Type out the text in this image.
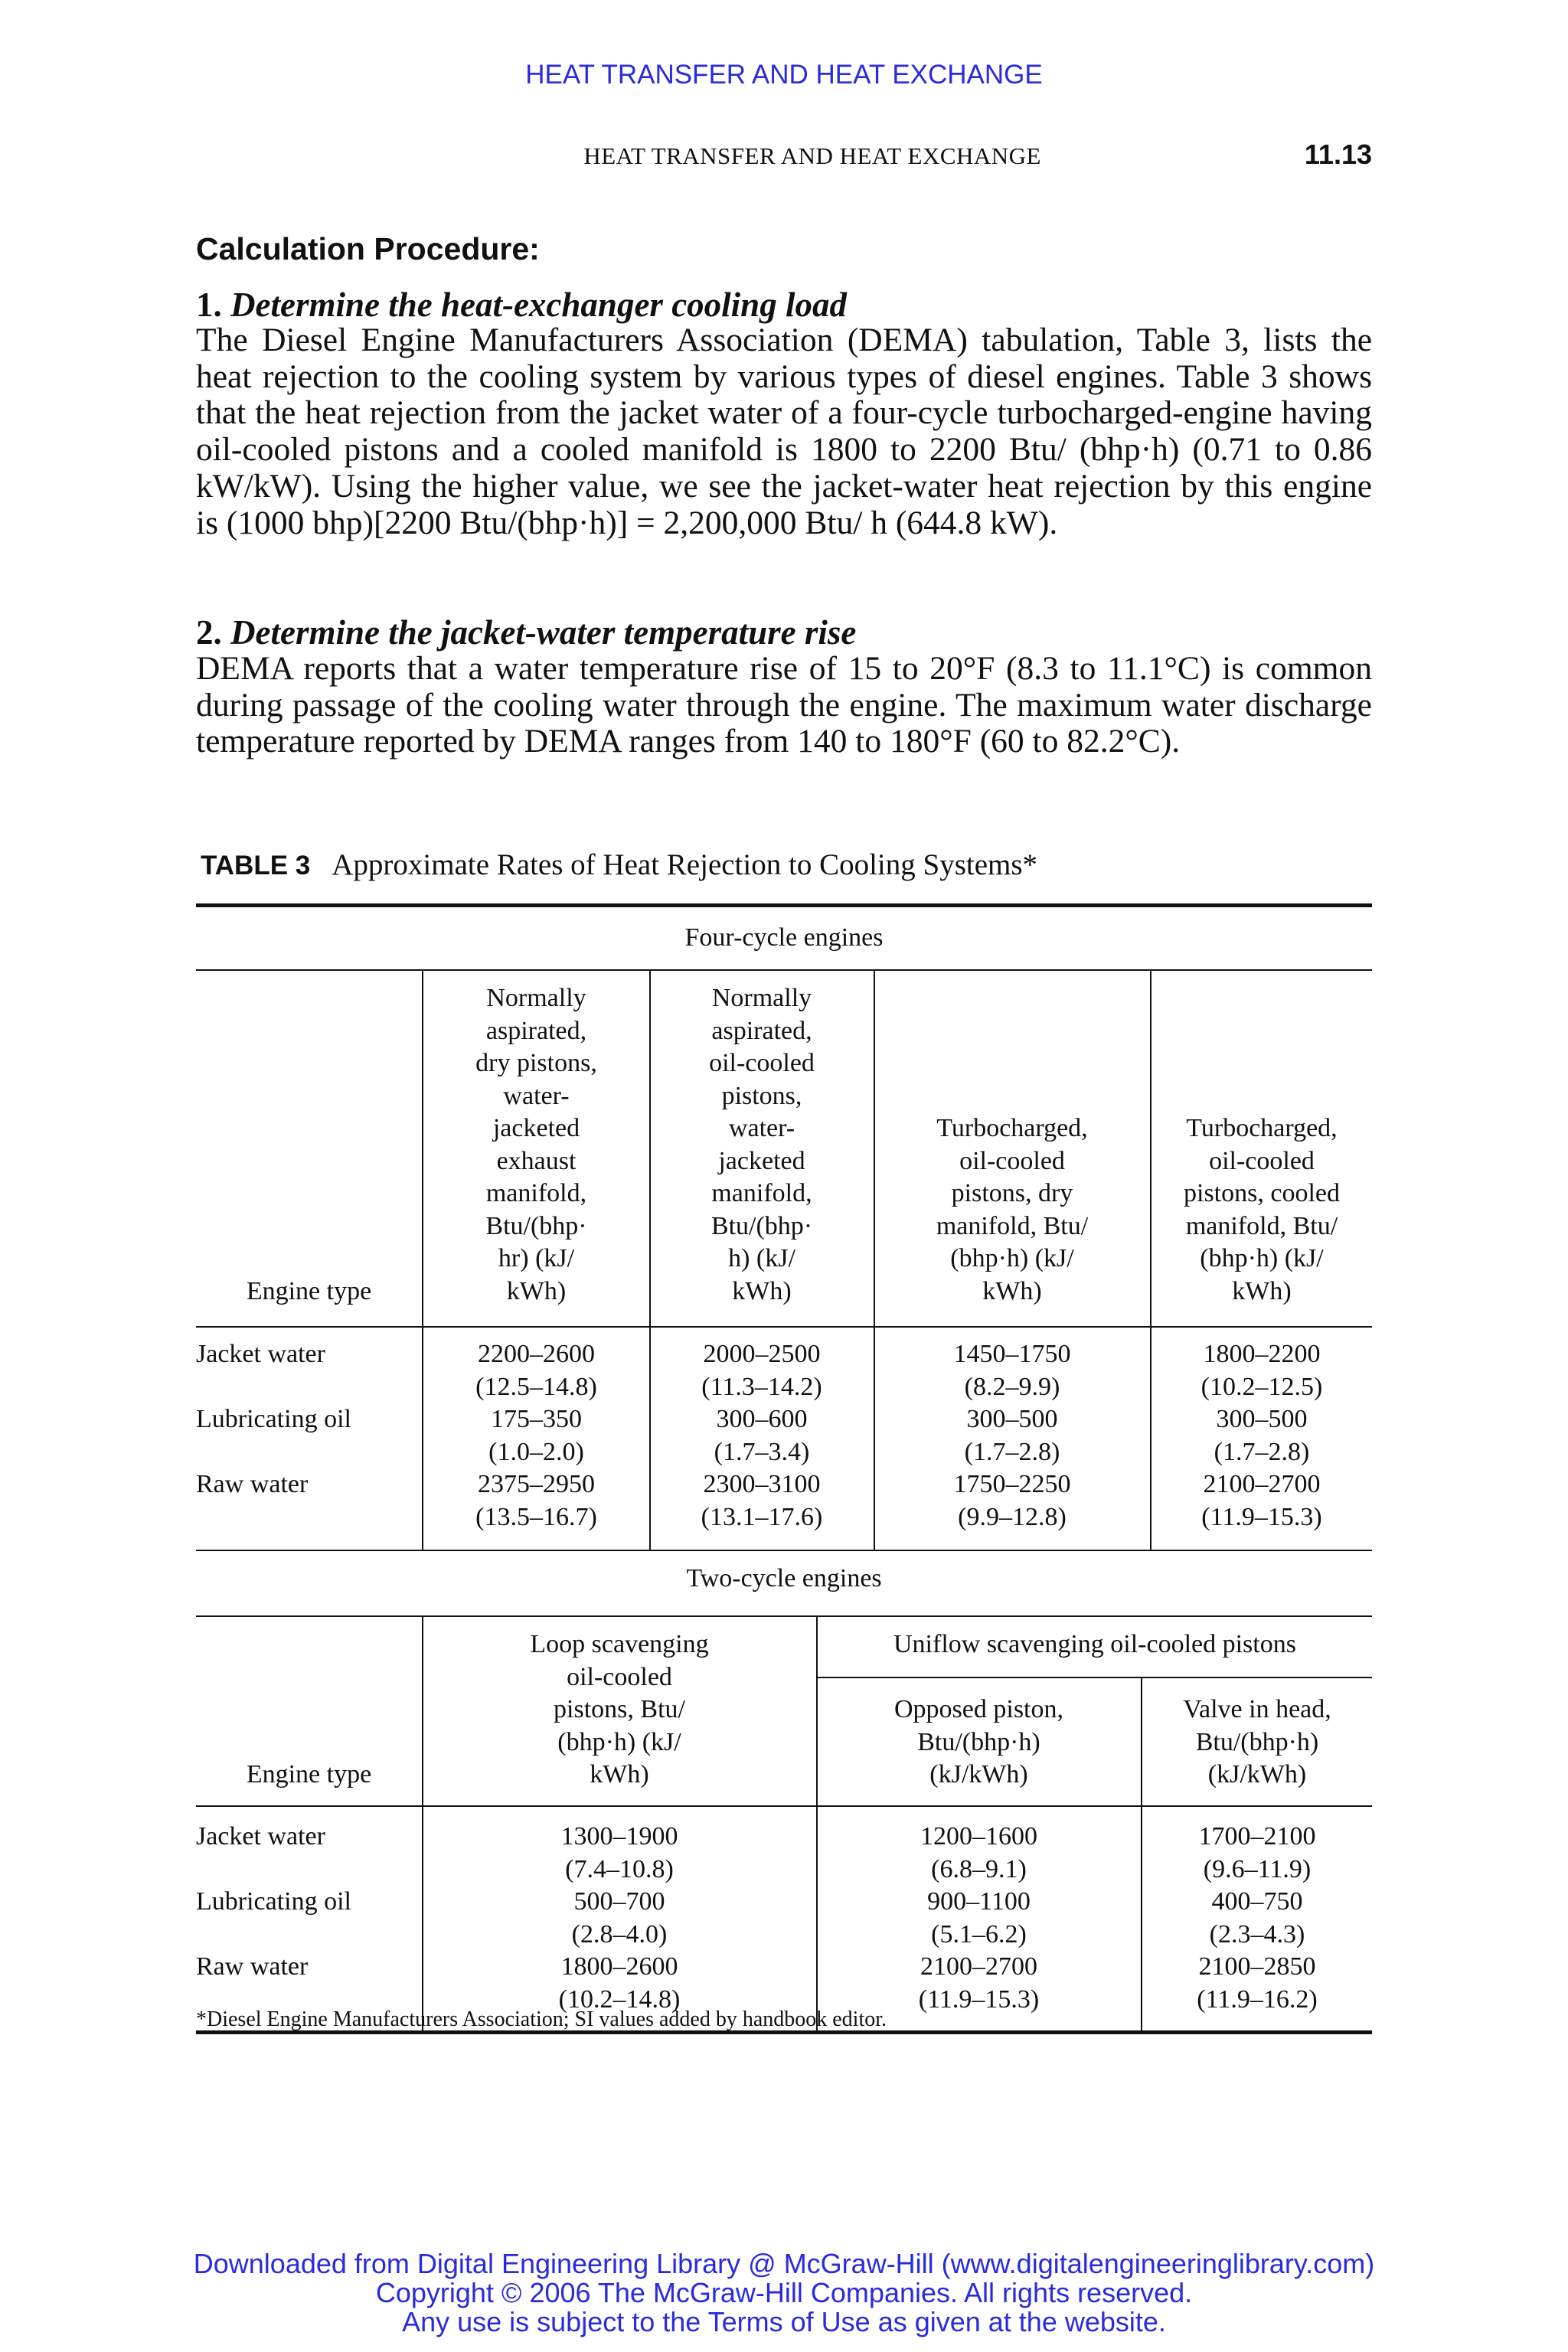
HEAT TRANSFER AND HEAT EXCHANGE
HEAT TRANSFER AND HEAT EXCHANGE	11.13
Calculation Procedure:
1. Determine the heat-exchanger cooling load

The Diesel Engine Manufacturers Association (DEMA) tabulation, Table 3, lists the heat rejection to the cooling system by various types of diesel engines. Table 3 shows that the heat rejection from the jacket water of a four-cycle turbocharged-engine having oil-cooled pistons and a cooled manifold is 1800 to 2200 Btu/ (bhp·h) (0.71 to 0.86 kW/kW). Using the higher value, we see the jacket-water heat rejection by this engine is (1000 bhp)[2200 Btu/(bhp·h)] = 2,200,000 Btu/ h (644.8 kW).

2. Determine the jacket-water temperature rise

DEMA reports that a water temperature rise of 15 to 20°F (8.3 to 11.1°C) is common during passage of the cooling water through the engine. The maximum water discharge temperature reported by DEMA ranges from 140 to 180°F (60 to 82.2°C).

TABLE 3 Approximate Rates of Heat Rejection to Cooling Systems*
Four-cycle engines
Engine type
Normally
aspirated,
dry pistons,
water-
jacketed
exhaust
manifold,
Btu/(bhp·
hr) (kJ/
kWh)
Normally
aspirated,
oil-cooled
pistons,
water-
jacketed
manifold,
Btu/(bhp·
h) (kJ/
kWh)
Turbocharged,
oil-cooled
pistons, dry
manifold, Btu/
(bhp·h) (kJ/
kWh)
Turbocharged,
oil-cooled
pistons, cooled
manifold, Btu/
(bhp·h) (kJ/
kWh)
Jacket water
Lubricating oil
Raw water
2200–2600
(12.5–14.8)
175–350
(1.0–2.0)
2375–2950
(13.5–16.7)
2000–2500
(11.3–14.2)
300–600
(1.7–3.4)
2300–3100
(13.1–17.6)
1450–1750
(8.2–9.9)
300–500
(1.7–2.8)
1750–2250
(9.9–12.8)
1800–2200
(10.2–12.5)
300–500
(1.7–2.8)
2100–2700
(11.9–15.3)
Two-cycle engines
Engine type
Loop scavenging
oil-cooled
pistons, Btu/
(bhp·h) (kJ/
kWh)
Uniflow scavenging oil-cooled pistons
Opposed piston,
Btu/(bhp·h)
(kJ/kWh)
Valve in head,
Btu/(bhp·h)
(kJ/kWh)
Jacket water
Lubricating oil
Raw water
1300–1900
(7.4–10.8)
500–700
(2.8–4.0)
1800–2600
(10.2–14.8)
1200–1600
(6.8–9.1)
900–1100
(5.1–6.2)
2100–2700
(11.9–15.3)
1700–2100
(9.6–11.9)
400–750
(2.3–4.3)
2100–2850
(11.9–16.2)
*Diesel Engine Manufacturers Association; SI values added by handbook editor.
Downloaded from Digital Engineering Library @ McGraw-Hill (www.digitalengineeringlibrary.com)
Copyright © 2006 The McGraw-Hill Companies. All rights reserved.
Any use is subject to the Terms of Use as given at the website.
